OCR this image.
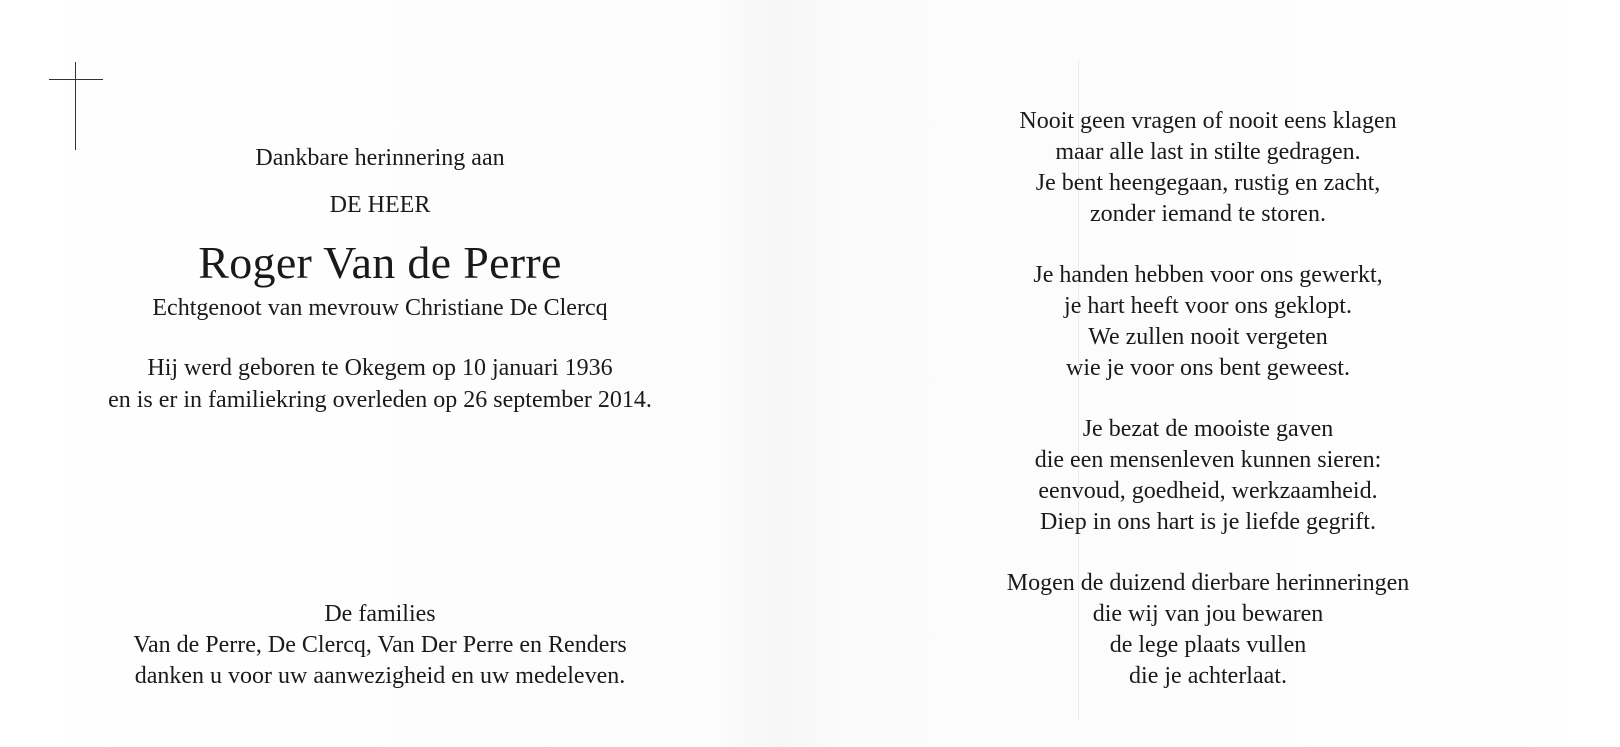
Dankbare herinnering aan
DE HEER
Roger Van de Perre
Echtgenoot van mevrouw Christiane De Clercq
Hij werd geboren te Okegem op 10 januari 1936
en is er in familiekring overleden op 26 september 2014.
De families
Van de Perre, De Clercq, Van Der Perre en Renders
danken u voor uw aanwezigheid en uw medeleven.
Nooit geen vragen of nooit eens klagen
maar alle last in stilte gedragen.
Je bent heengegaan, rustig en zacht,
zonder iemand te storen.
Je handen hebben voor ons gewerkt,
je hart heeft voor ons geklopt.
We zullen nooit vergeten
wie je voor ons bent geweest.
Je bezat de mooiste gaven
die een mensenleven kunnen sieren:
eenvoud, goedheid, werkzaamheid.
Diep in ons hart is je liefde gegrift.
Mogen de duizend dierbare herinneringen
die wij van jou bewaren
de lege plaats vullen
die je achterlaat.
